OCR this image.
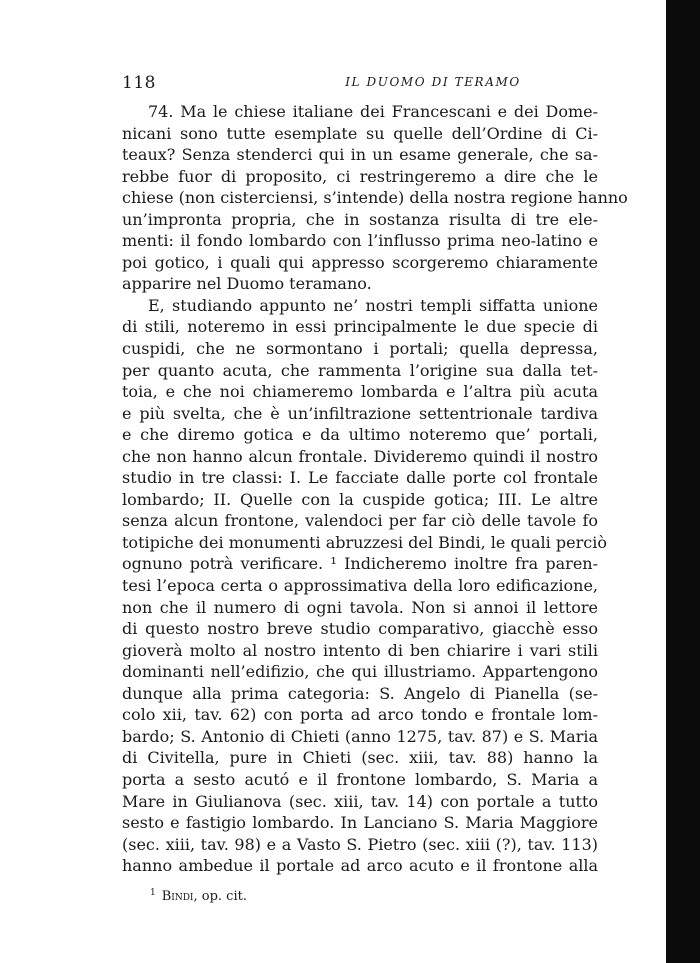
118	IL DUOMO DI TERAMO
74. Ma le chiese italiane dei Francescani e dei Dome-
nicani sono tutte esemplate su quelle dell’Ordine di Ci-
teaux? Senza stenderci qui in un esame generale, che sa-
rebbe fuor di proposito, ci restringeremo a dire che le
chiese (non cisterciensi, s’intende) della nostra regione hanno
un’impronta propria, che in sostanza risulta di tre ele-
menti: il fondo lombardo con l’influsso prima neo-latino e
poi gotico, i quali qui appresso scorgeremo chiaramente
apparire nel Duomo teramano.
E, studiando appunto ne’ nostri templi siffatta unione
di stili, noteremo in essi principalmente le due specie di
cuspidi, che ne sormontano i portali; quella depressa,
per quanto acuta, che rammenta l’origine sua dalla tet-
toia, e che noi chiameremo lombarda e l’altra più acuta
e più svelta, che è un’infiltrazione settentrionale tardiva
e che diremo gotica e da ultimo noteremo que’ portali,
che non hanno alcun frontale. Divideremo quindi il nostro
studio in tre classi: I. Le facciate dalle porte col frontale
lombardo; II. Quelle con la cuspide gotica; III. Le altre
senza alcun frontone, valendoci per far ciò delle tavole fo
totipiche dei monumenti abruzzesi del Bindi, le quali perciò
ognuno potrà verificare. ¹ Indicheremo inoltre fra paren-
tesi l’epoca certa o approssimativa della loro edificazione,
non che il numero di ogni tavola. Non si annoi il lettore
di questo nostro breve studio comparativo, giacchè esso
gioverà molto al nostro intento di ben chiarire i vari stili
dominanti nell’edifizio, che qui illustriamo. Appartengono
dunque alla prima categoria: S. Angelo di Pianella (se-
colo xii, tav. 62) con porta ad arco tondo e frontale lom-
bardo; S. Antonio di Chieti (anno 1275, tav. 87) e S. Maria
di Civitella, pure in Chieti (sec. xiii, tav. 88) hanno la
porta a sesto acutó e il frontone lombardo, S. Maria a
Mare in Giulianova (sec. xiii, tav. 14) con portale a tutto
sesto e fastigio lombardo. In Lanciano S. Maria Maggiore
(sec. xiii, tav. 98) e a Vasto S. Pietro (sec. xiii (?), tav. 113)
hanno ambedue il portale ad arco acuto e il frontone alla
$^1$ Bindi, op. cit.
